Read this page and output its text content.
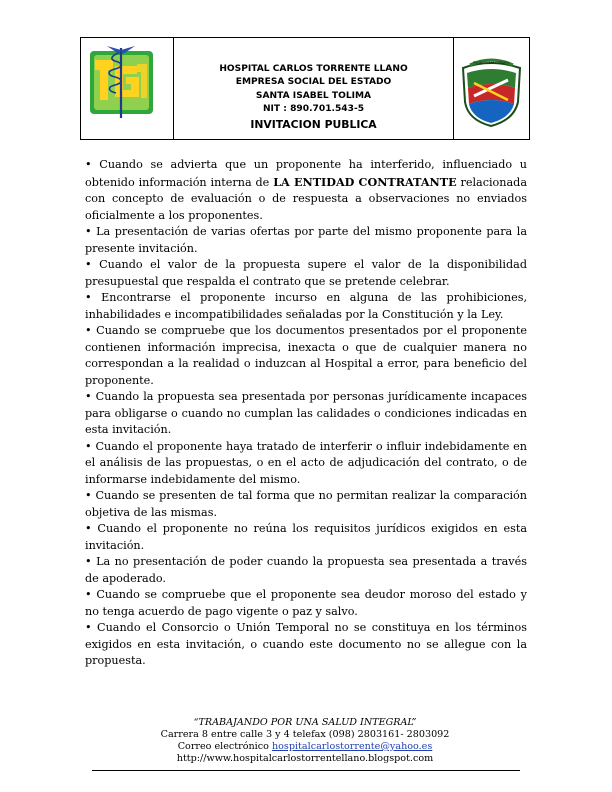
HOSPITAL CARLOS TORRENTE LLANO
EMPRESA SOCIAL DEL ESTADO
SANTA ISABEL TOLIMA
NIT : 890.701.543-5
INVITACION PUBLICA
Por la unidad Isabelina

• Cuando se advierta que un proponente ha interferido, influenciado u obtenido información interna de LA ENTIDAD CONTRATANTE relacionada con concepto de evaluación o de respuesta a observaciones no enviados oficialmente a los proponentes.

• La presentación de varias ofertas por parte del mismo proponente para la presente invitación.

• Cuando el valor de la propuesta supere el valor de la disponibilidad presupuestal que respalda el contrato que se pretende celebrar.

• Encontrarse el proponente incurso en alguna de las prohibiciones, inhabilidades e incompatibilidades señaladas por la Constitución y la Ley.

• Cuando se compruebe que los documentos presentados por el proponente contienen información imprecisa, inexacta o que de cualquier manera no correspondan a la realidad o induzcan al Hospital a error, para beneficio del proponente.

• Cuando la propuesta sea presentada por personas jurídicamente incapaces para obligarse o cuando no cumplan las calidades o condiciones indicadas en esta invitación.

• Cuando el proponente haya tratado de interferir o influir indebidamente en el análisis de las propuestas, o en el acto de adjudicación del contrato, o de informarse indebidamente del mismo.

• Cuando se presenten de tal forma que no permitan realizar la comparación objetiva de las mismas.

• Cuando el proponente no reúna los requisitos jurídicos exigidos en esta invitación.

• La no presentación de poder cuando la propuesta sea presentada a través de apoderado.

• Cuando se compruebe que el proponente sea deudor moroso del estado y no tenga acuerdo de pago vigente o paz y salvo.

• Cuando el Consorcio o Unión Temporal no se constituya en los términos exigidos en esta invitación, o cuando este documento no se allegue con la propuesta.

“TRABAJANDO POR UNA SALUD INTEGRAL”
Carrera 8 entre calle 3 y 4 telefax (098) 2803161- 2803092
Correo electrónico hospitalcarlostorrente@yahoo.es
http://www.hospitalcarlostorrentellano.blogspot.com
